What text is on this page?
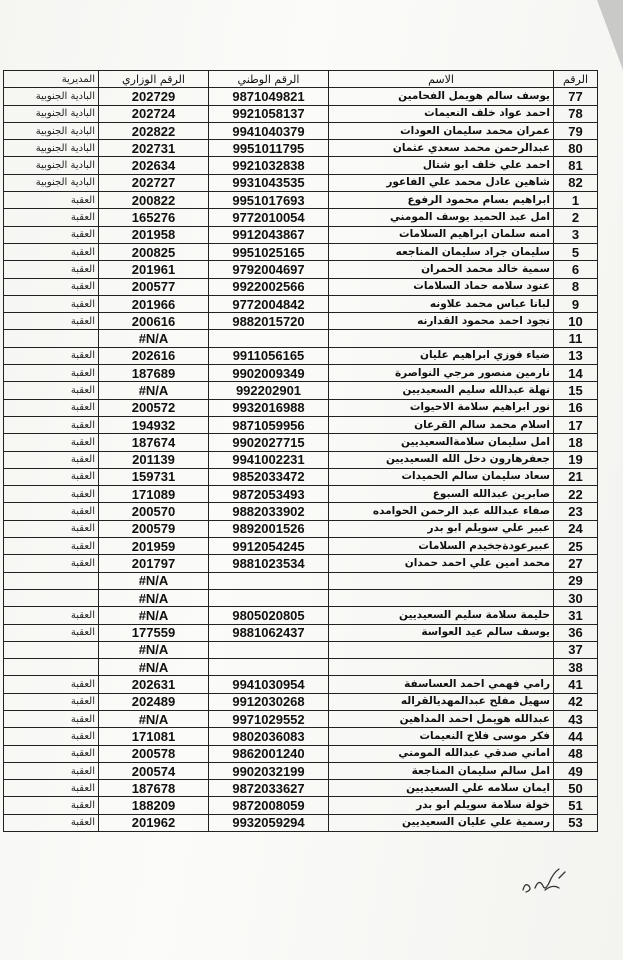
المديرية	الرقم الوزاري	الرقم الوطني	الاسم	الرقم
البادية الجنوبية	202729	9871049821	يوسف سالم هويمل الفحامين	77
البادية الجنوبية	202724	9921058137	احمد عواد خلف النعيمات	78
البادية الجنوبية	202822	9941040379	عمران محمد سليمان العودات	79
البادية الجنوبية	202731	9951011795	عبدالرحمن محمد سعدي عثمان	80
البادية الجنوبية	202634	9921032838	احمد علي خلف ابو شتال	81
البادية الجنوبية	202727	9931043535	شاهين عادل محمد علي الفاعور	82
العقبة	200822	9951017693	ابراهيم بسام محمود الرفوع	1
العقبة	165276	9772010054	امل عبد الحميد يوسف المومني	2
العقبة	201958	9912043867	امنه سلمان ابراهيم السلامات	3
العقبة	200825	9951025165	سليمان جراد سليمان المناجعه	5
العقبة	201961	9792004697	سمية خالد محمد الحمران	6
العقبة	200577	9922002566	عنود سلامه حماد السلامات	8
العقبة	201966	9772004842	لبانا عباس محمد علاونه	9
العقبة	200616	9882015720	نجود احمد محمود القدارنه	10
	#N/A			11
العقبة	202616	9911056165	ضياء فوزي ابراهيم عليان	13
العقبة	187689	9902009349	نارمين منصور مرجي النواصرة	14
العقبة	#N/A	992202901	نهلة عبدالله سليم السعيديين	15
العقبة	200572	9932016988	نور ابراهيم سلامة الاحيوات	16
العقبة	194932	9871059956	اسلام محمد سالم القرعان	17
العقبة	187674	9902027715	امل سليمان سلامةالسعيديين	18
العقبة	201139	9941002231	جعفرهارون دخل الله السعيديين	19
العقبة	159731	9852033472	سعاد سليمان سالم الحميدات	21
العقبة	171089	9872053493	صابرين عبدالله السبوع	22
العقبة	200570	9882033902	صفاء عبدالله عبد الرحمن الحوامده	23
العقبة	200579	9892001526	عبير علي سويلم ابو بدر	24
العقبة	201959	9912054245	عبيرعودةجخيدم السلامات	25
العقبة	201797	9881023534	محمد امين علي احمد حمدان	27
	#N/A			29
	#N/A			30
العقبة	#N/A	9805020805	حليمة سلامة سليم السعيديين	31
العقبة	177559	9881062437	يوسف سالم عيد العواسة	36
	#N/A			37
	#N/A			38
العقبة	202631	9941030954	رامي فهمي احمد العساسفة	41
العقبة	202489	9912030268	سهيل مفلح عبدالمهديالقراله	42
العقبة	#N/A	9971029552	عبدالله هويمل احمد المداهين	43
العقبة	171081	9802036083	فكر موسى فلاح النعيمات	44
العقبة	200578	9862001240	اماني صدقي عبدالله المومني	48
العقبة	200574	9902032199	امل سالم سليمان المناجعة	49
العقبة	187678	9872033627	ايمان سلامه علي السعيديين	50
العقبة	188209	9872008059	خولة سلامة سويلم ابو بدر	51
العقبة	201962	9932059294	رسمية علي عليان السعيديين	53
